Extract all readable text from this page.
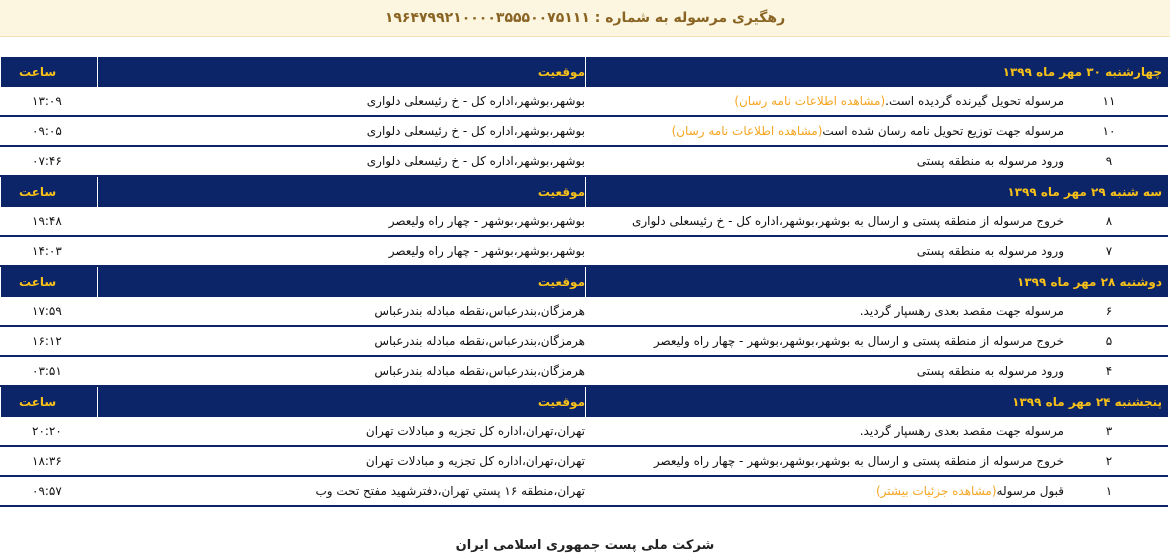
رهگیری مرسوله به شماره : ۱۹۶۴۷۹۹۲۱۰۰۰۰۳۵۵۵۰۰۷۵۱۱۱
چهارشنبه ۳۰ مهر ماه ۱۳۹۹
موقعیت
ساعت
۱۱
مرسوله تحویل گیرنده گردیده است.
(مشاهده اطلاعات نامه رسان)
بوشهر،بوشهر،اداره کل - خ رئیسعلی دلواری
۱۳:۰۹
۱۰
مرسوله جهت توزیع تحویل نامه رسان شده است
(مشاهده اطلاعات نامه رسان)
بوشهر،بوشهر،اداره کل - خ رئیسعلی دلواری
۰۹:۰۵
۹
ورود مرسوله به منطقه پستی
بوشهر،بوشهر،اداره کل - خ رئیسعلی دلواری
۰۷:۴۶
سه شنبه ۲۹ مهر ماه ۱۳۹۹
موقعیت
ساعت
۸
خروج مرسوله از منطقه پستی و ارسال به بوشهر،بوشهر،اداره کل - خ رئیسعلی دلواری
بوشهر،بوشهر،بوشهر - چهار راه ولیعصر
۱۹:۴۸
۷
ورود مرسوله به منطقه پستی
بوشهر،بوشهر،بوشهر - چهار راه ولیعصر
۱۴:۰۳
دوشنبه ۲۸ مهر ماه ۱۳۹۹
موقعیت
ساعت
۶
مرسوله جهت مقصد بعدی رهسپار گردید.
هرمزگان،بندرعباس،نقطه مبادله بندرعباس
۱۷:۵۹
۵
خروج مرسوله از منطقه پستی و ارسال به بوشهر،بوشهر،بوشهر - چهار راه ولیعصر
هرمزگان،بندرعباس،نقطه مبادله بندرعباس
۱۶:۱۲
۴
ورود مرسوله به منطقه پستی
هرمزگان،بندرعباس،نقطه مبادله بندرعباس
۰۳:۵۱
پنجشنبه ۲۴ مهر ماه ۱۳۹۹
موقعیت
ساعت
۳
مرسوله جهت مقصد بعدی رهسپار گردید.
تهران،تهران،اداره کل تجزیه و مبادلات تهران
۲۰:۲۰
۲
خروج مرسوله از منطقه پستی و ارسال به بوشهر،بوشهر،بوشهر - چهار راه ولیعصر
تهران،تهران،اداره کل تجزیه و مبادلات تهران
۱۸:۳۶
۱
قبول مرسوله
(مشاهده جزئیات بیشتر)
تهران،منطقه ۱۶ پستي تهران،دفترشهید مفتح تحت وب
۰۹:۵۷
شرکت ملی پست جمهوری اسلامی ایران
